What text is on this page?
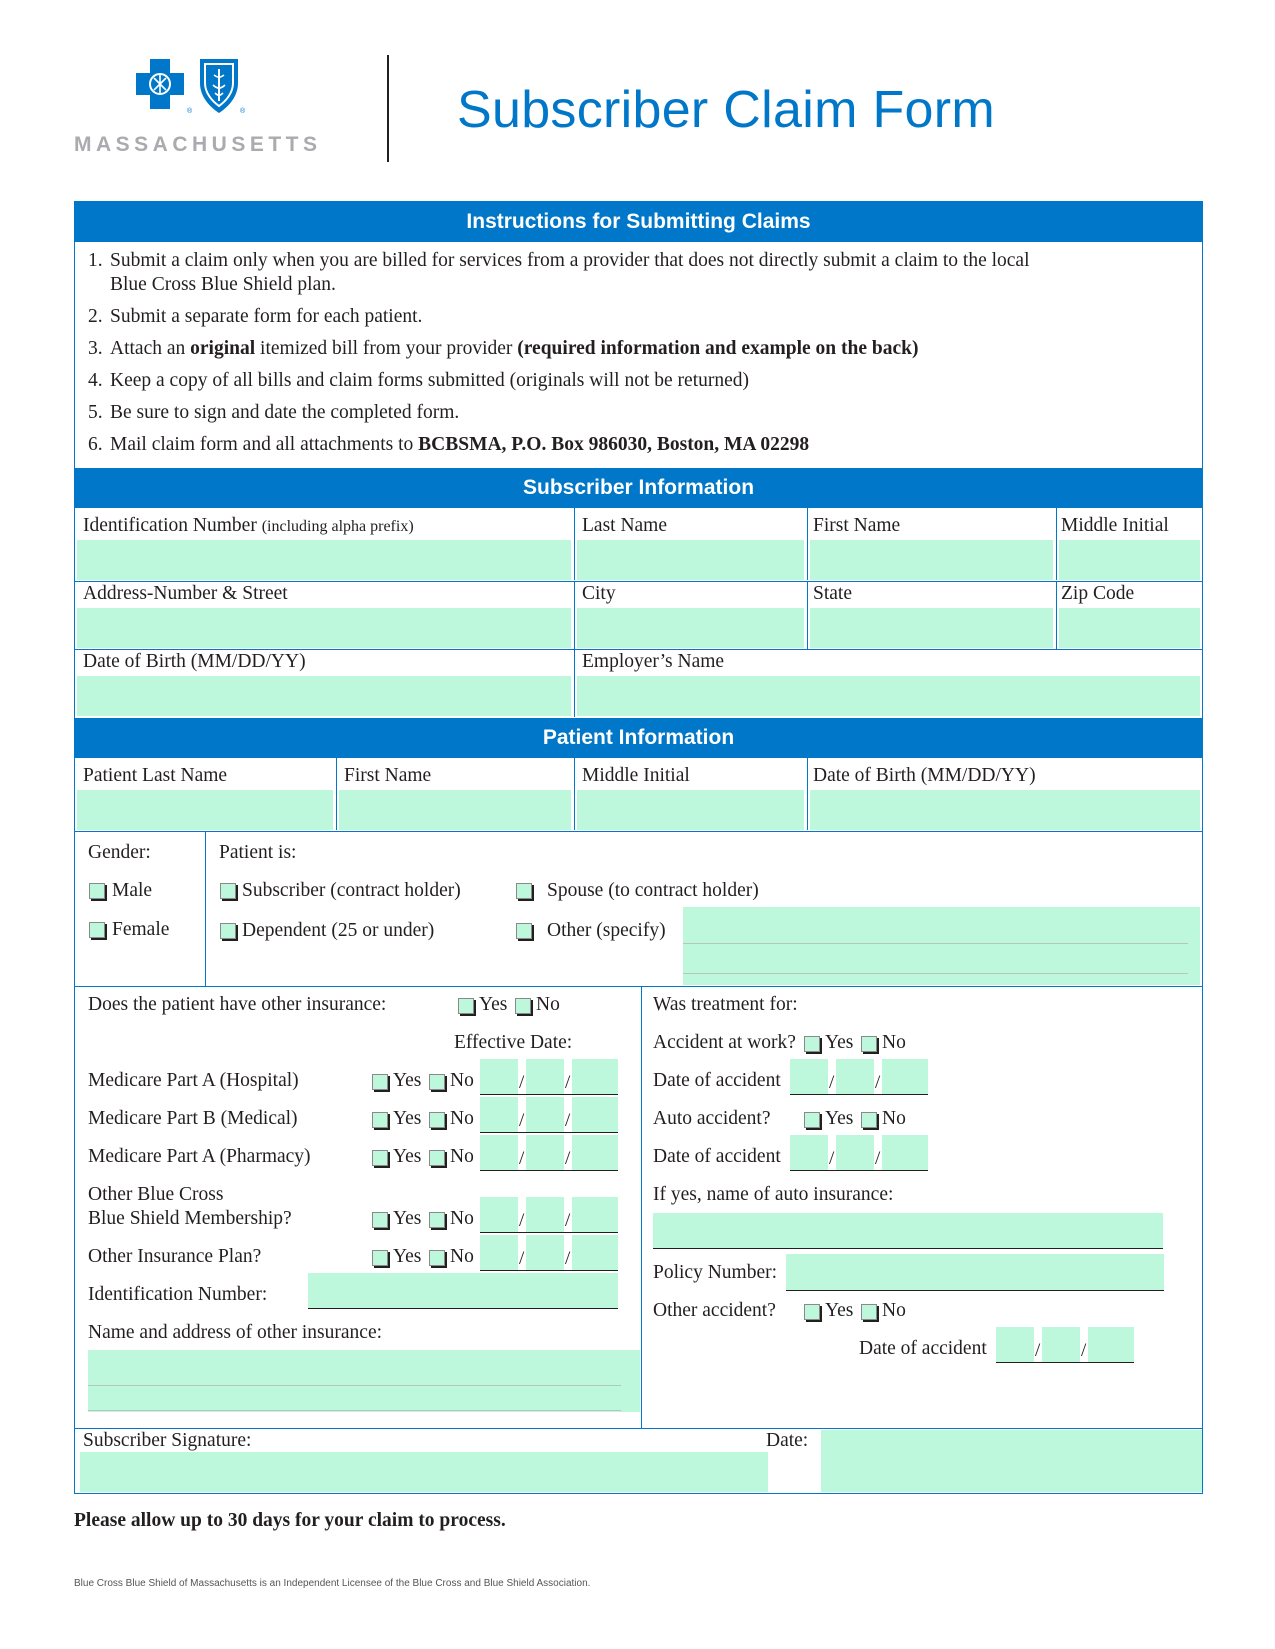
®	®
MASSACHUSETTS
Subscriber Claim Form
Instructions for Submitting Claims
1. Submit a claim only when you are billed for services from a provider that does not directly submit a claim to the local
Blue Cross Blue Shield plan.
2. Submit a separate form for each patient.
3. Attach an original itemized bill from your provider (required information and example on the back)
4. Keep a copy of all bills and claim forms submitted (originals will not be returned)
5. Be sure to sign and date the completed form.
6. Mail claim form and all attachments to BCBSMA, P.O. Box 986030, Boston, MA 02298
Subscriber Information
Identification Number (including alpha prefix)	Last Name	First Name	Middle Initial
Address-Number & Street	City	State	Zip Code
Date of Birth (MM/DD/YY)	Employer’s Name
Patient Information
Patient Last Name	First Name	Middle Initial	Date of Birth (MM/DD/YY)
Gender:
Male
Female
Patient is:
Subscriber (contract holder)	Spouse (to contract holder)
Dependent (25 or under)	Other (specify)
Does the patient have other insurance:	Yes No
Effective Date:
Medicare Part A (Hospital)	Yes No / /
Medicare Part B (Medical)	Yes No / /
Medicare Part A (Pharmacy)	Yes No / /
Other Blue Cross
Blue Shield Membership?	Yes No / /
Other Insurance Plan?	Yes No / /
Identification Number:
Name and address of other insurance:
Was treatment for:
Accident at work? Yes No
Date of accident	/ /
Auto accident?	Yes No
Date of accident	/ /
If yes, name of auto insurance:
Policy Number:
Other accident?	Yes No
Date of accident	/ /
Subscriber Signature:	Date:
Please allow up to 30 days for your claim to process.
Blue Cross Blue Shield of Massachusetts is an Independent Licensee of the Blue Cross and Blue Shield Association.
